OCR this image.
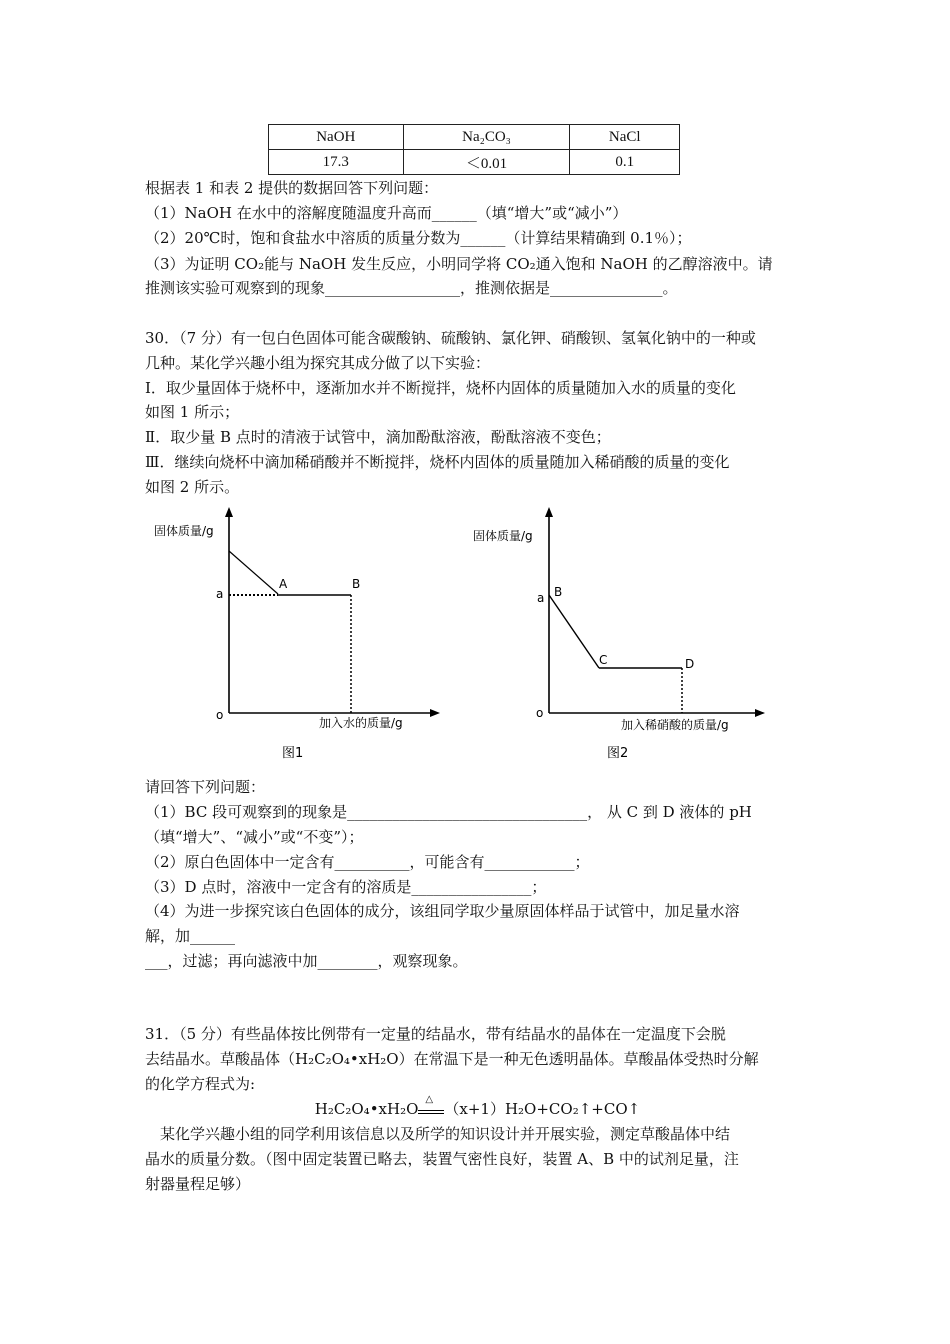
NaOH	Na₂CO₃	NaCl
17.3	＜0.01	0.1
根据表 1 和表 2 提供的数据回答下列问题：
（1）NaOH 在水中的溶解度随温度升高而______（填“增大”或“减小”）
（2）20℃时，饱和食盐水中溶质的质量分数为______（计算结果精确到 0.1％）；
（3）为证明 CO₂能与 NaOH 发生反应，小明同学将 CO₂通入饱和 NaOH 的乙醇溶液中。请
推测该实验可观察到的现象__________________，推测依据是_______________。
30．（7 分）有一包白色固体可能含碳酸钠、硫酸钠、氯化钾、硝酸钡、氢氧化钠中的一种或
几种。某化学兴趣小组为探究其成分做了以下实验：
Ⅰ．取少量固体于烧杯中，逐渐加水并不断搅拌，烧杯内固体的质量随加入水的质量的变化
如图 1 所示；
Ⅱ．取少量 B 点时的清液于试管中，滴加酚酞溶液，酚酞溶液不变色；
Ⅲ．继续向烧杯中滴加稀硝酸并不断搅拌，烧杯内固体的质量随加入稀硝酸的质量的变化
如图 2 所示。
固体质量/g
a
o
A	B
加入水的质量/g
图1
固体质量/g
a
o
B
C	D
加入稀硝酸的质量/g
图2
请回答下列问题：
（1）BC 段可观察到的现象是________________________________， 从 C 到 D 液体的 pH
（填“增大”、“减小”或“不变”）；
（2）原白色固体中一定含有__________，可能含有____________；
（3）D 点时，溶液中一定含有的溶质是________________；
（4）为进一步探究该白色固体的成分，该组同学取少量原固体样品于试管中，加足量水溶
解，加______
___，过滤；再向滤液中加________，观察现象。
31．（5 分）有些晶体按比例带有一定量的结晶水，带有结晶水的晶体在一定温度下会脱
去结晶水。草酸晶体（H₂C₂O₄•xH₂O）在常温下是一种无色透明晶体。草酸晶体受热时分解
的化学方程式为:
H₂C₂O₄•xH₂O
△
（x+1）H₂O+CO₂↑+CO↑
某化学兴趣小组的同学利用该信息以及所学的知识设计并开展实验，测定草酸晶体中结
晶水的质量分数。（图中固定装置已略去，装置气密性良好，装置 A、B 中的试剂足量，注
射器量程足够）
